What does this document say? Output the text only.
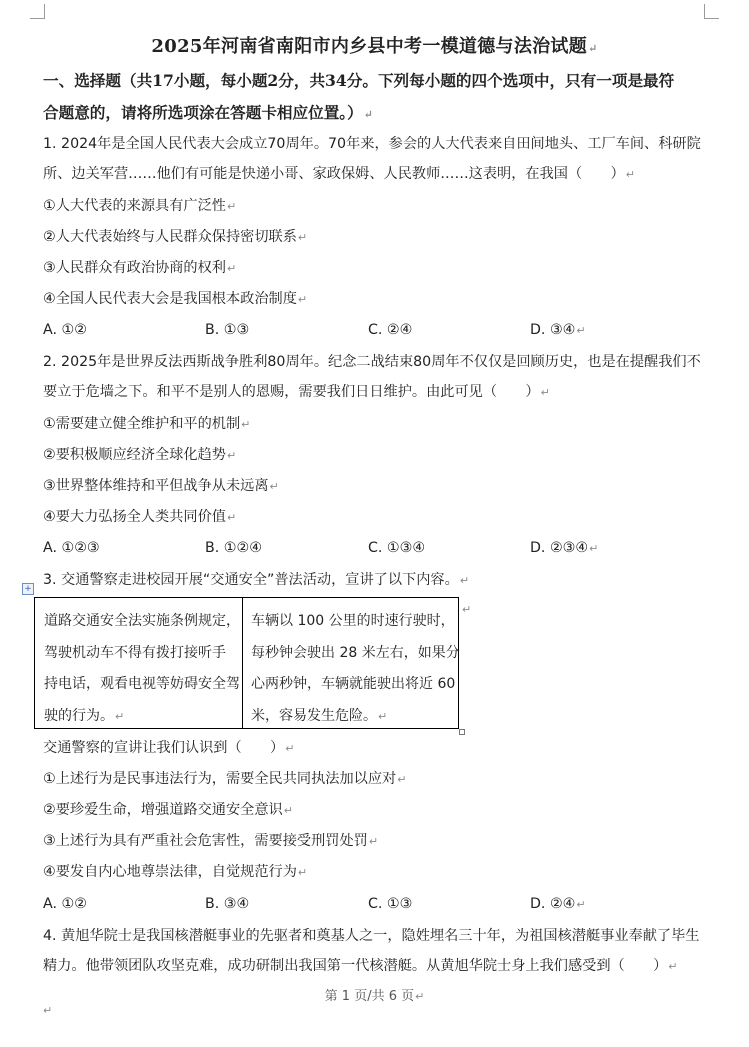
2025年河南省南阳市内乡县中考一模道德与法治试题↵
一、选择题（共17小题，每小题2分，共34分。下列每小题的四个选项中，只有一项是最符
合题意的，请将所选项涂在答题卡相应位置。）↵
1. 2024年是全国人民代表大会成立70周年。70年来，参会的人大代表来自田间地头、工厂车间、科研院
所、边关军营……他们有可能是快递小哥、家政保姆、人民教师……这表明，在我国（　　）↵
①人大代表的来源具有广泛性↵
②人大代表始终与人民群众保持密切联系↵
③人民群众有政治协商的权利↵
④全国人民代表大会是我国根本政治制度↵
A. ①②	B. ①③	C. ②④	D. ③④↵
2. 2025年是世界反法西斯战争胜利80周年。纪念二战结束80周年不仅仅是回顾历史，也是在提醒我们不
要立于危墙之下。和平不是别人的恩赐，需要我们日日维护。由此可见（　　）↵
①需要建立健全维护和平的机制↵
②要积极顺应经济全球化趋势↵
③世界整体维持和平但战争从未远离↵
④要大力弘扬全人类共同价值↵
A. ①②③	B. ①②④	C. ①③④	D. ②③④↵
3. 交通警察走进校园开展“交通安全”普法活动，宣讲了以下内容。↵
+
道路交通安全法实施条例规定，
驾驶机动车不得有拨打接听手
持电话，观看电视等妨碍安全驾
驶的行为。↵
车辆以 100 公里的时速行驶时，
每秒钟会驶出 28 米左右，如果分
心两秒钟，车辆就能驶出将近 60
米，容易发生危险。↵
↵
交通警察的宣讲让我们认识到（　　）↵
①上述行为是民事违法行为，需要全民共同执法加以应对↵
②要珍爱生命，增强道路交通安全意识↵
③上述行为具有严重社会危害性，需要接受刑罚处罚↵
④要发自内心地尊崇法律，自觉规范行为↵
A. ①②	B. ③④	C. ①③	D. ②④↵
4. 黄旭华院士是我国核潜艇事业的先驱者和奠基人之一，隐姓埋名三十年，为祖国核潜艇事业奉献了毕生
精力。他带领团队攻坚克难，成功研制出我国第一代核潜艇。从黄旭华院士身上我们感受到（　　）↵
第 1 页/共 6 页↵
↵
